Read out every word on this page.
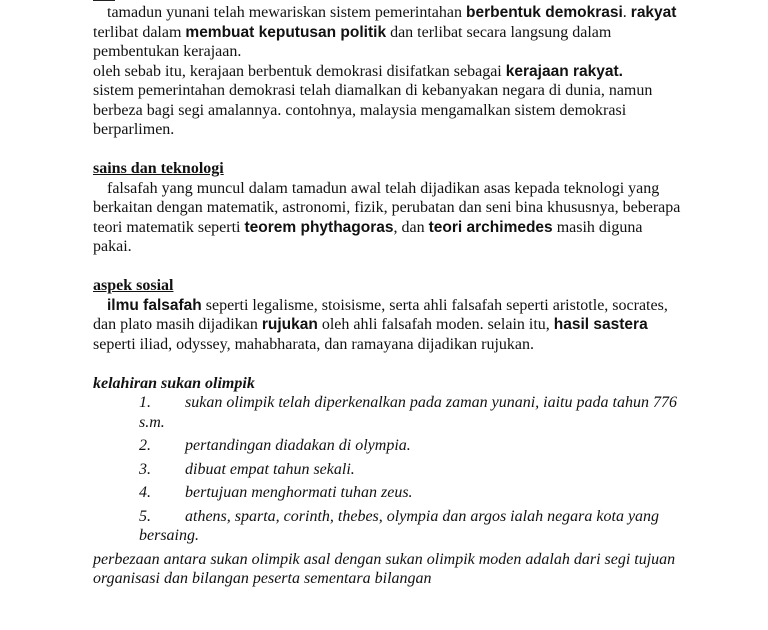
tamadun yunani telah mewariskan sistem pemerintahan berbentuk demokrasi. rakyat terlibat dalam membuat keputusan politik dan terlibat secara langsung dalam pembentukan kerajaan.

oleh sebab itu, kerajaan berbentuk demokrasi disifatkan sebagai kerajaan rakyat.

sistem pemerintahan demokrasi telah diamalkan di kebanyakan negara di dunia, namun berbeza bagi segi amalannya. contohnya, malaysia mengamalkan sistem demokrasi berparlimen.

sains dan teknologi

falsafah yang muncul dalam tamadun awal telah dijadikan asas kepada teknologi yang berkaitan dengan matematik, astronomi, fizik, perubatan dan seni bina khususnya, beberapa teori matematik seperti teorem phythagoras, dan teori archimedes masih diguna pakai.

aspek sosial

ilmu falsafah seperti legalisme, stoisisme, serta ahli falsafah seperti aristotle, socrates, dan plato masih dijadikan rujukan oleh ahli falsafah moden. selain itu, hasil sastera seperti iliad, odyssey, mahabharata, dan ramayana dijadikan rujukan.

kelahiran sukan olimpik

1. sukan olimpik telah diperkenalkan pada zaman yunani, iaitu pada tahun 776 s.m.
2. pertandingan diadakan di olympia.
3. dibuat empat tahun sekali.
4. bertujuan menghormati tuhan zeus.
5. athens, sparta, corinth, thebes, olympia dan argos ialah negara kota yang bersaing.

perbezaan antara sukan olimpik asal dengan sukan olimpik moden adalah dari segi tujuan organisasi dan bilangan peserta sementara bilangan
